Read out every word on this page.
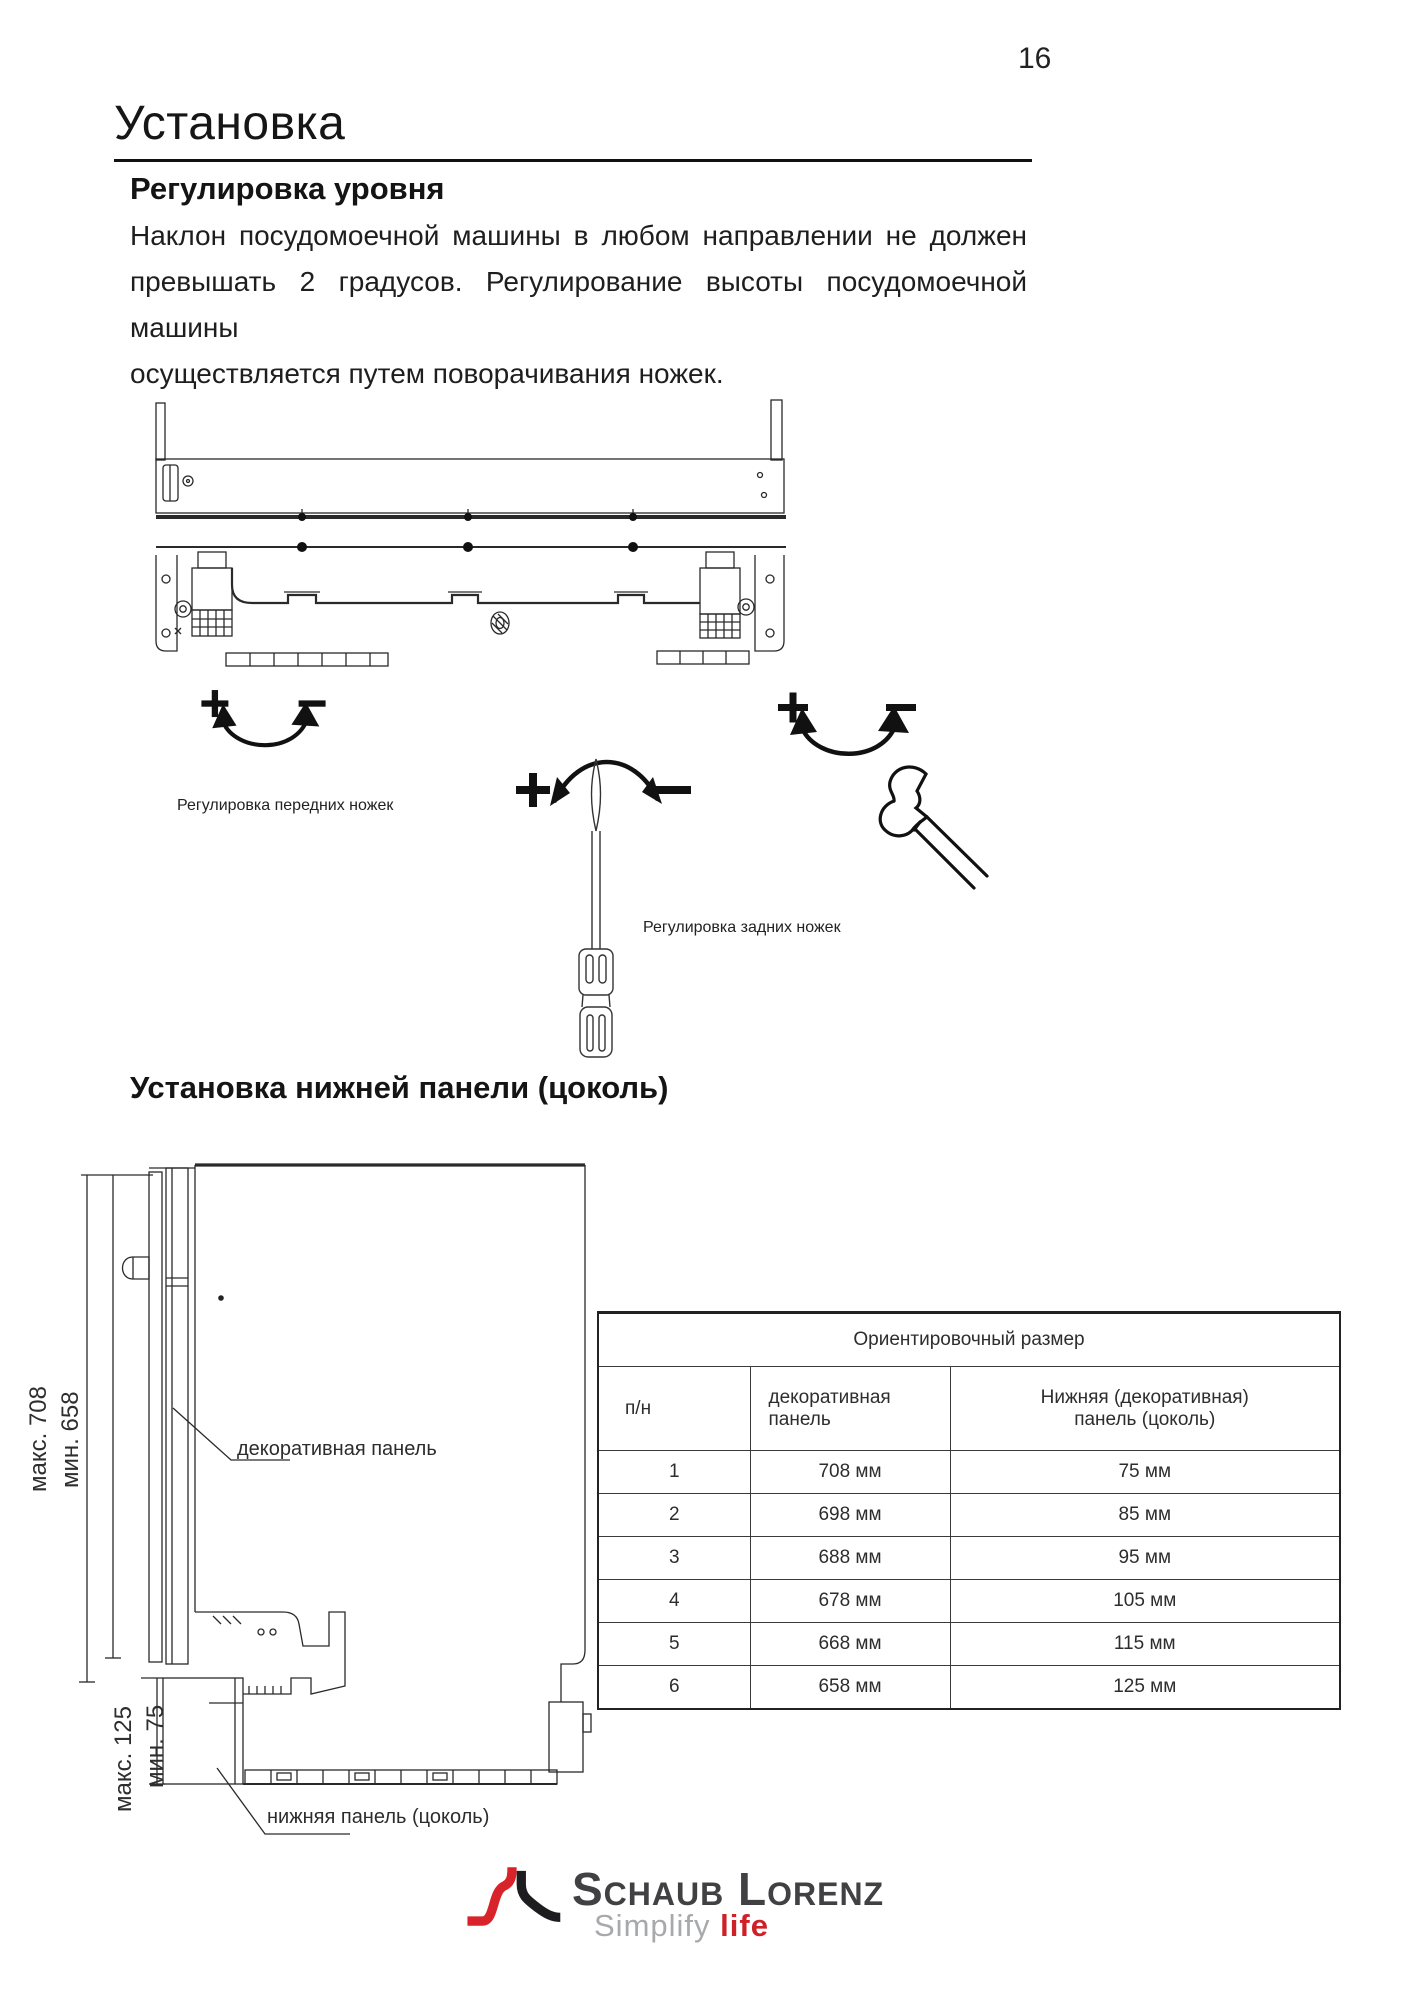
16
Установка
Регулировка уровня
Наклон посудомоечной машины в любом направлении не должен
превышать 2 градусов. Регулирование высоты посудомоечной машины
осуществляется путем поворачивания ножек.
Регулировка передних ножек
Регулировка задних ножек
Установка нижней панели (цоколь)
макс. 708 мин. 658
макс. 125 мин. 75
декоративная панель
нижняя панель (цоколь)
Ориентировочный размер		
п/н	декоративная панель	Нижняя (декоративная) панель (цоколь)

1	708 мм	75 мм
2	698 мм	85 мм
3	688 мм	95 мм
4	678 мм	105 мм
5	668 мм	115 мм
6	658 мм	125 мм
Schaub Lorenz
Simplify life
